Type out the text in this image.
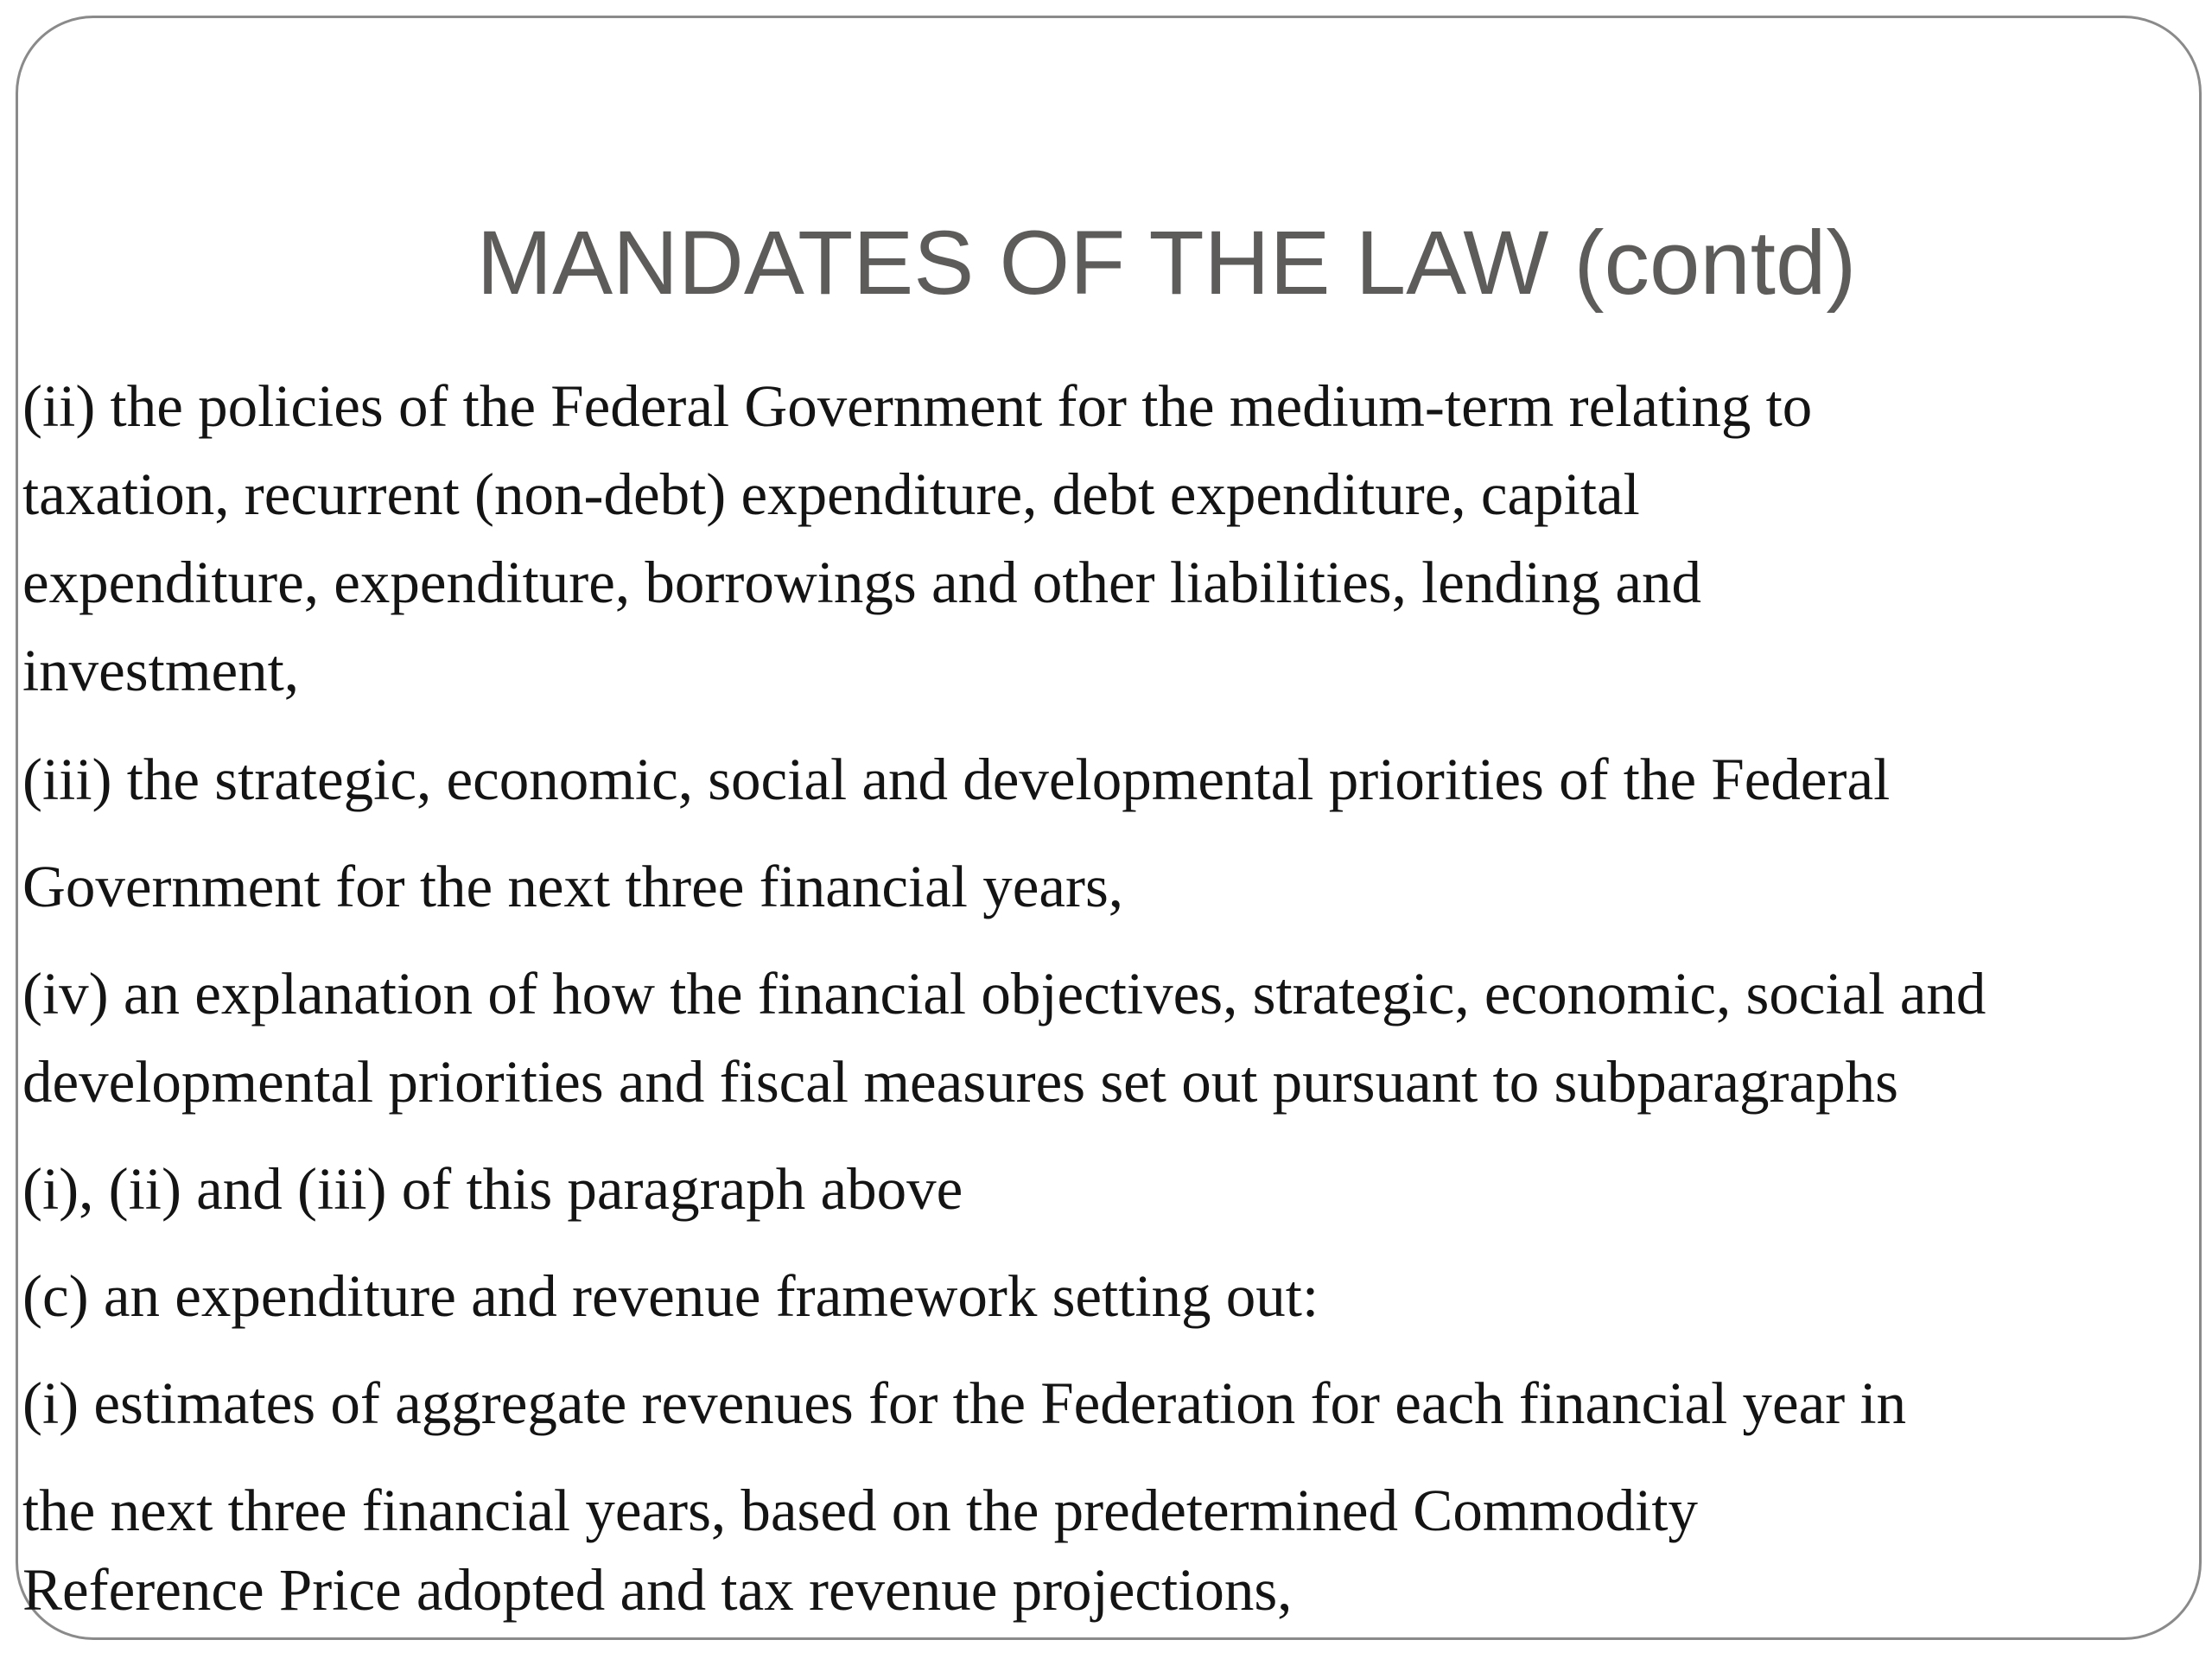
MANDATES OF THE LAW (contd)

(ii) the policies of the Federal Government for the medium-term relating to

taxation, recurrent (non-debt) expenditure, debt expenditure, capital

expenditure, expenditure, borrowings and other liabilities, lending and

investment,

(iii) the strategic, economic, social and developmental priorities of the Federal

Government for the next three financial years,

(iv) an explanation of how the financial objectives, strategic, economic, social and

developmental priorities and fiscal measures set out pursuant to subparagraphs

(i), (ii) and (iii) of this paragraph above

(c) an expenditure and revenue framework setting out:

(i) estimates of aggregate revenues for the Federation for each financial year in

the next three financial years, based on the predetermined Commodity

Reference Price adopted and tax revenue projections,
